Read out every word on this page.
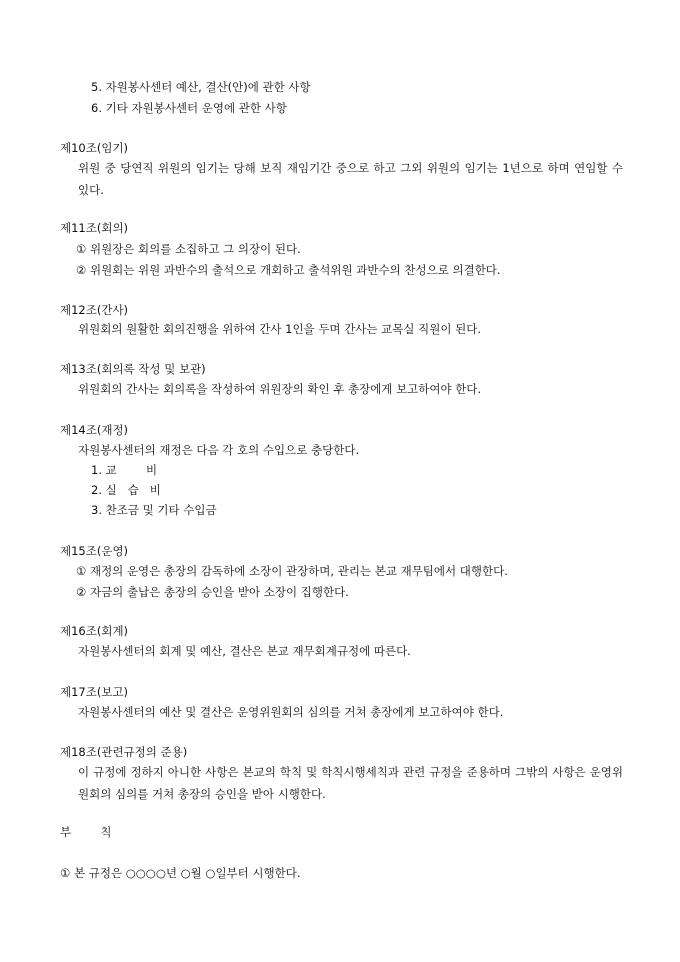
5. 자원봉사센터 예산, 결산(안)에 관한 사항
6. 기타 자원봉사센터 운영에 관한 사항
제10조(임기)
위원 중 당연직 위원의 임기는 당해 보직 재임기간 중으로 하고 그외 위원의 임기는 1년으로 하며 연임할 수 있다.
제11조(회의)
① 위원장은 회의를 소집하고 그 의장이 된다.
② 위원회는 위원 과반수의 출석으로 개회하고 출석위원 과반수의 찬성으로 의결한다.
제12조(간사)
위원회의 원활한 회의진행을 위하여 간사 1인을 두며 간사는 교목실 직원이 된다.
제13조(회의록 작성 및 보관)
위원회의 간사는 회의록을 작성하여 위원장의 확인 후 총장에게 보고하여야 한다.
제14조(재정)
자원봉사센터의 재정은 다음 각 호의 수입으로 충당한다.
1. 교        비
2. 실   습   비
3. 찬조금 및 기타 수입금
제15조(운영)
① 재정의 운영은 총장의 감독하에 소장이 관장하며, 관리는 본교 재무팀에서 대행한다.
② 자금의 출납은 총장의 승인을 받아 소장이 집행한다.
제16조(회계)
자원봉사센터의 회계 및 예산, 결산은 본교 재무회계규정에 따른다.
제17조(보고)
자원봉사센터의 예산 및 결산은 운영위원회의 심의를 거쳐 총장에게 보고하여야 한다.
제18조(관련규정의 준용)
이 규정에 정하지 아니한 사항은 본교의 학칙 및 학칙시행세칙과 관련 규정을 준용하며 그밖의 사항은 운영위원회의 심의를 거쳐 총장의 승인을 받아 시행한다.
부        칙
① 본 규정은 ○○○○년 ○월 ○일부터 시행한다.
